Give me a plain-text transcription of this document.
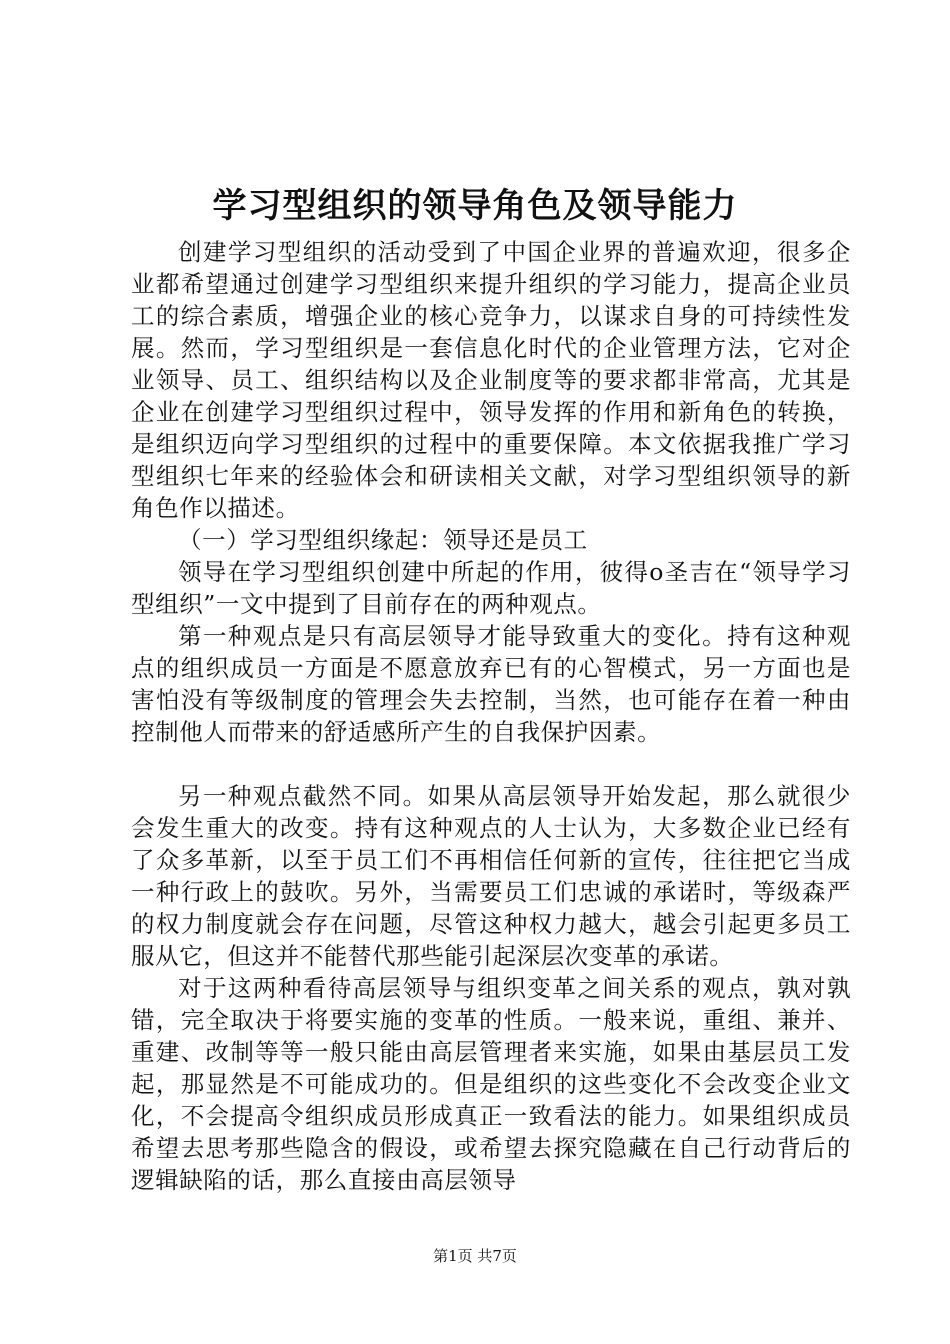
学习型组织的领导角色及领导能力

创建学习型组织的活动受到了中国企业界的普遍欢迎，很多企业都希望通过创建学习型组织来提升组织的学习能力，提高企业员工的综合素质，增强企业的核心竞争力，以谋求自身的可持续性发展。然而，学习型组织是一套信息化时代的企业管理方法，它对企业领导、员工、组织结构以及企业制度等的要求都非常高，尤其是企业在创建学习型组织过程中，领导发挥的作用和新角色的转换，是组织迈向学习型组织的过程中的重要保障。本文依据我推广学习型组织七年来的经验体会和研读相关文献，对学习型组织领导的新角色作以描述。

（一）学习型组织缘起：领导还是员工

领导在学习型组织创建中所起的作用，彼得o圣吉在“领导学习型组织”一文中提到了目前存在的两种观点。

第一种观点是只有高层领导才能导致重大的变化。持有这种观点的组织成员一方面是不愿意放弃已有的心智模式，另一方面也是害怕没有等级制度的管理会失去控制，当然，也可能存在着一种由控制他人而带来的舒适感所产生的自我保护因素。

另一种观点截然不同。如果从高层领导开始发起，那么就很少会发生重大的改变。持有这种观点的人士认为，大多数企业已经有了众多革新，以至于员工们不再相信任何新的宣传，往往把它当成一种行政上的鼓吹。另外，当需要员工们忠诚的承诺时，等级森严的权力制度就会存在问题，尽管这种权力越大，越会引起更多员工服从它，但这并不能替代那些能引起深层次变革的承诺。

对于这两种看待高层领导与组织变革之间关系的观点，孰对孰错，完全取决于将要实施的变革的性质。一般来说，重组、兼并、重建、改制等等一般只能由高层管理者来实施，如果由基层员工发起，那显然是不可能成功的。但是组织的这些变化不会改变企业文化，不会提高令组织成员形成真正一致看法的能力。如果组织成员希望去思考那些隐含的假设，或希望去探究隐藏在自己行动背后的逻辑缺陷的话，那么直接由高层领导

第1页 共7页
